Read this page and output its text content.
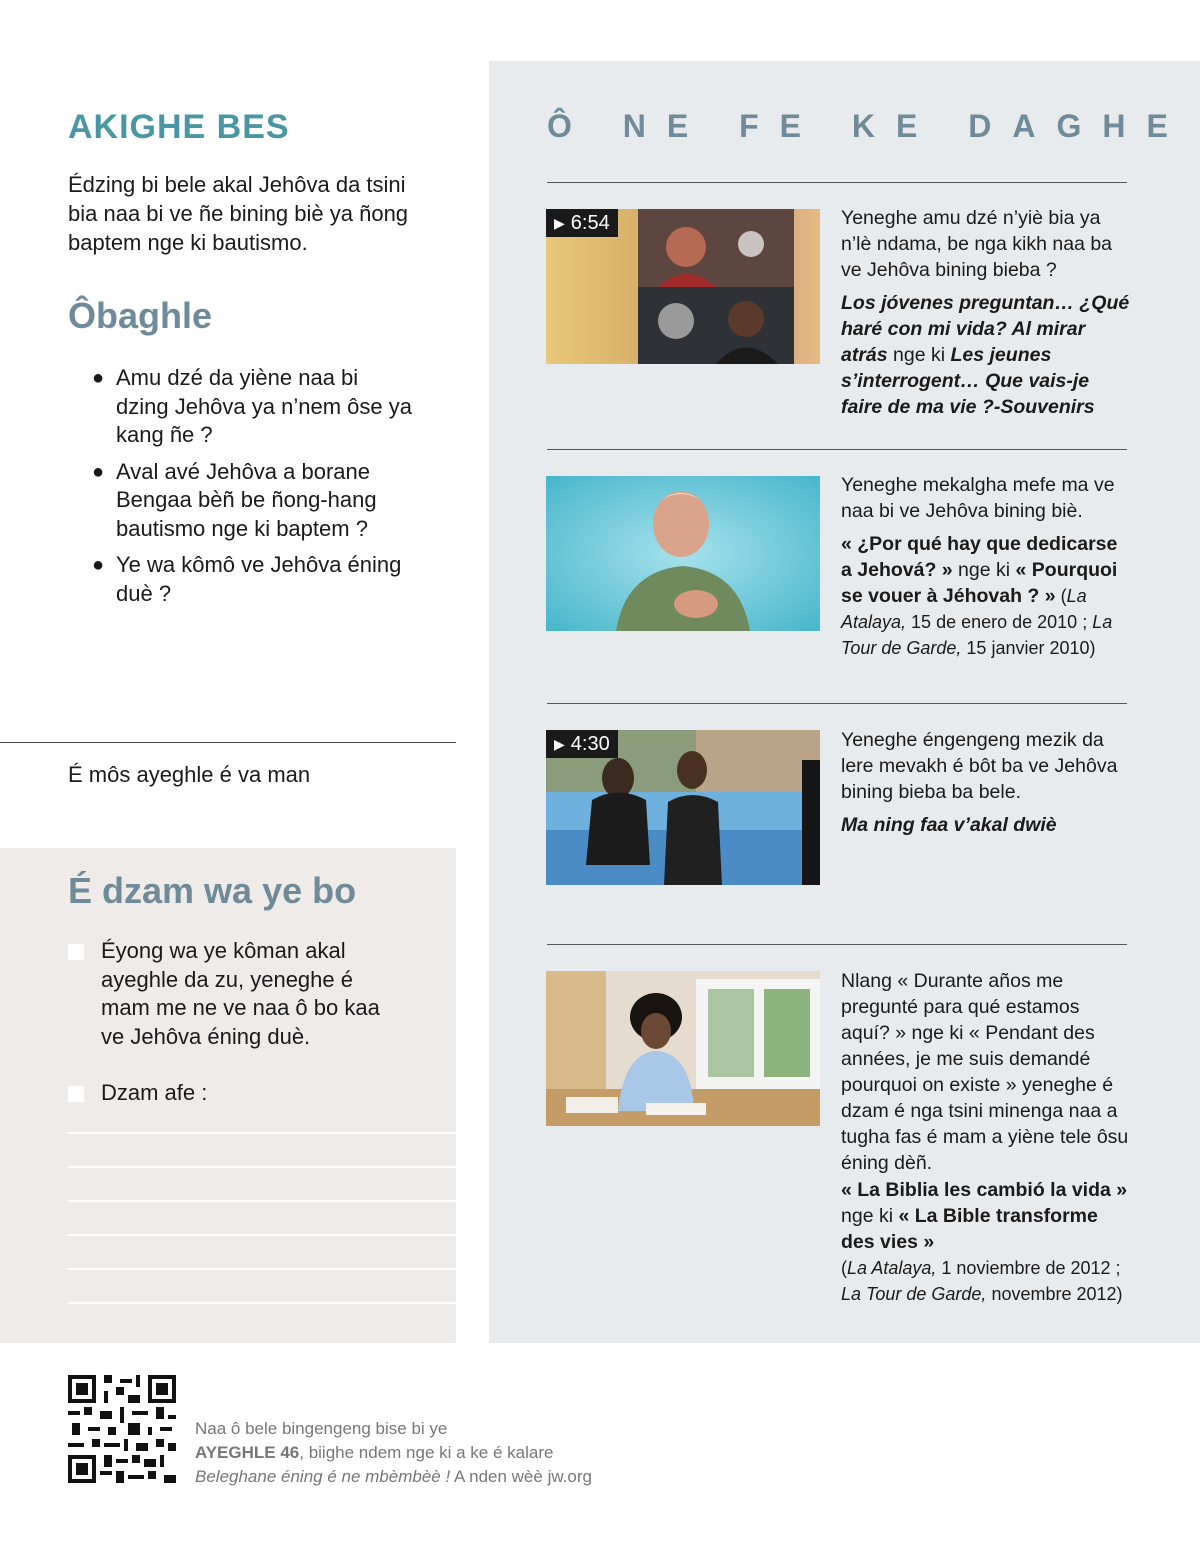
AKIGHE BES

Édzing bi bele akal Jehôva da tsini bia naa bi ve ñe bining biè ya ñong baptem nge ki bautismo.

Ôbaghle
● Amu dzé da yiène naa bi dzing Jehôva ya n’nem ôse ya kang ñe ?
● Aval avé Jehôva a borane Bengaa bèñ be ñong-hang bautismo nge ki baptem ?
● Ye wa kômô ve Jehôva éning duè ?

É môs ayeghle é va man

É dzam wa ye bo

Éyong wa ye kôman akal ayeghle da zu, yeneghe é mam me ne ve naa ô bo kaa ve Jehôva éning duè.

Dzam afe :

Ô NE FE KE DAGHE
▶ 6:54	Yeneghe amu dzé n’yiè bia ya n’lè ndama, be nga kikh naa ba ve Jehôva bining bieba ?

Los jóvenes preguntan… ¿Qué haré con mi vida? Al mirar atrás nge ki Les jeunes s’interrogent… Que vais-je faire de ma vie ?-Souvenirs

Yeneghe mekalgha mefe ma ve naa bi ve Jehôva bining biè.

« ¿Por qué hay que dedicarse a Jehová? » nge ki « Pourquoi se vouer à Jéhovah ? » (La Atalaya, 15 de enero de 2010 ; La Tour de Garde, 15 janvier 2010)

▶ 4:30	Yeneghe éngengeng mezik da lere mevakh é bôt ba ve Jehôva bining bieba ba bele.

Ma ning faa v’akal dwiè

Nlang « Durante años me pregunté para qué estamos aquí? » nge ki « Pendant des années, je me suis demandé pourquoi on existe » yeneghe é dzam é nga tsini minenga naa a tugha fas é mam a yiène tele ôsu éning dèñ.

« La Biblia les cambió la vida » nge ki « La Bible transforme des vies »
(La Atalaya, 1 noviembre de 2012 ; La Tour de Garde, novembre 2012)

Naa ô bele bingengeng bise bi ye
AYEGHLE 46, biighe ndem nge ki a ke é kalare
Beleghane éning é ne mbèmbèè ! A nden wèè jw.org
